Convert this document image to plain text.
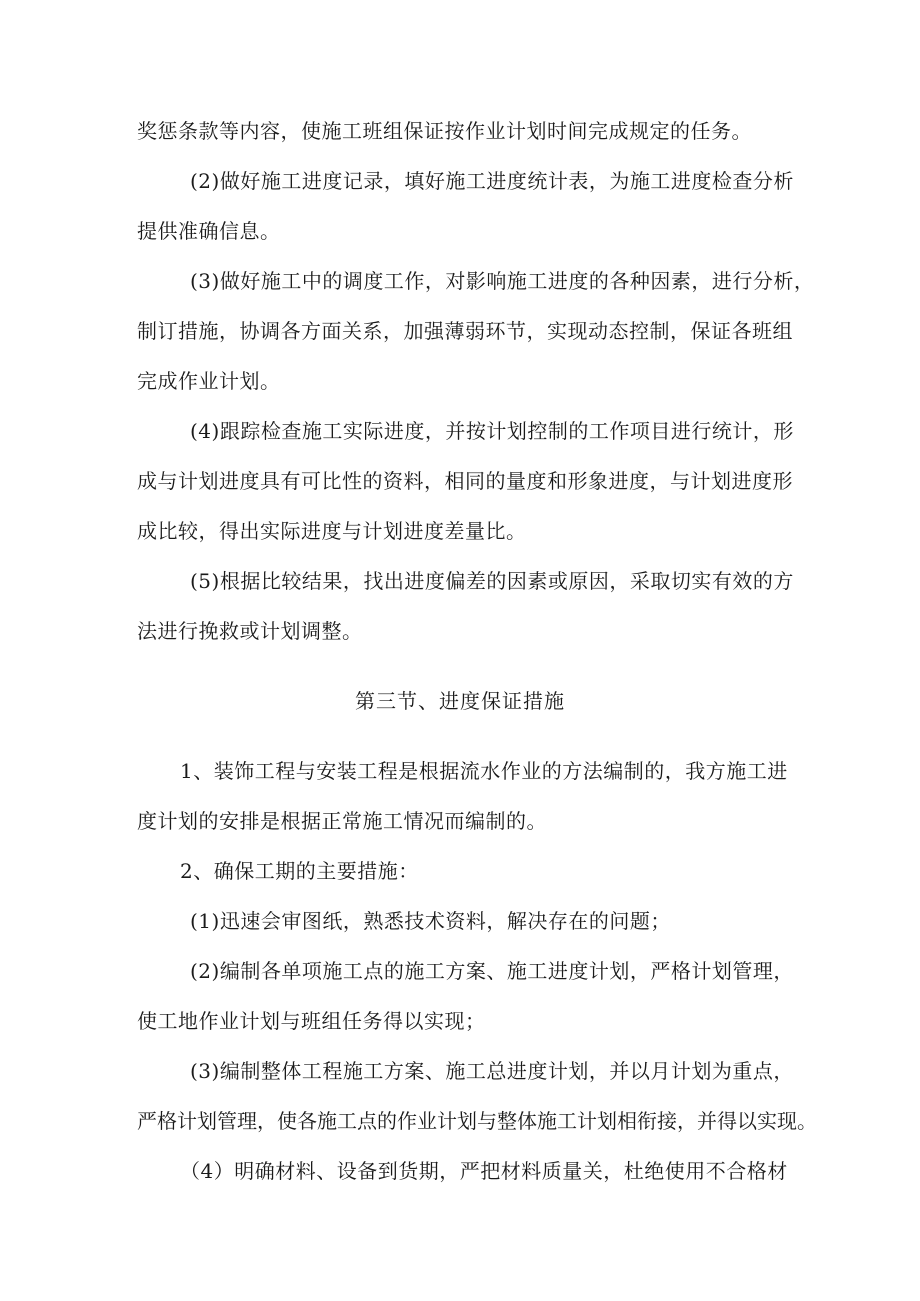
奖惩条款等内容，使施工班组保证按作业计划时间完成规定的任务。
(2)做好施工进度记录，填好施工进度统计表，为施工进度检查分析
提供准确信息。
(3)做好施工中的调度工作，对影响施工进度的各种因素，进行分析，
制订措施，协调各方面关系，加强薄弱环节，实现动态控制，保证各班组
完成作业计划。
(4)跟踪检查施工实际进度，并按计划控制的工作项目进行统计，形
成与计划进度具有可比性的资料，相同的量度和形象进度，与计划进度形
成比较，得出实际进度与计划进度差量比。
(5)根据比较结果，找出进度偏差的因素或原因，采取切实有效的方
法进行挽救或计划调整。
第三节、进度保证措施
1、装饰工程与安装工程是根据流水作业的方法编制的，我方施工进
度计划的安排是根据正常施工情况而编制的。
2、确保工期的主要措施：
(1)迅速会审图纸，熟悉技术资料，解决存在的问题；
(2)编制各单项施工点的施工方案、施工进度计划，严格计划管理，
使工地作业计划与班组任务得以实现；
(3)编制整体工程施工方案、施工总进度计划，并以月计划为重点，
严格计划管理，使各施工点的作业计划与整体施工计划相衔接，并得以实现。
（4）明确材料、设备到货期，严把材料质量关，杜绝使用不合格材
